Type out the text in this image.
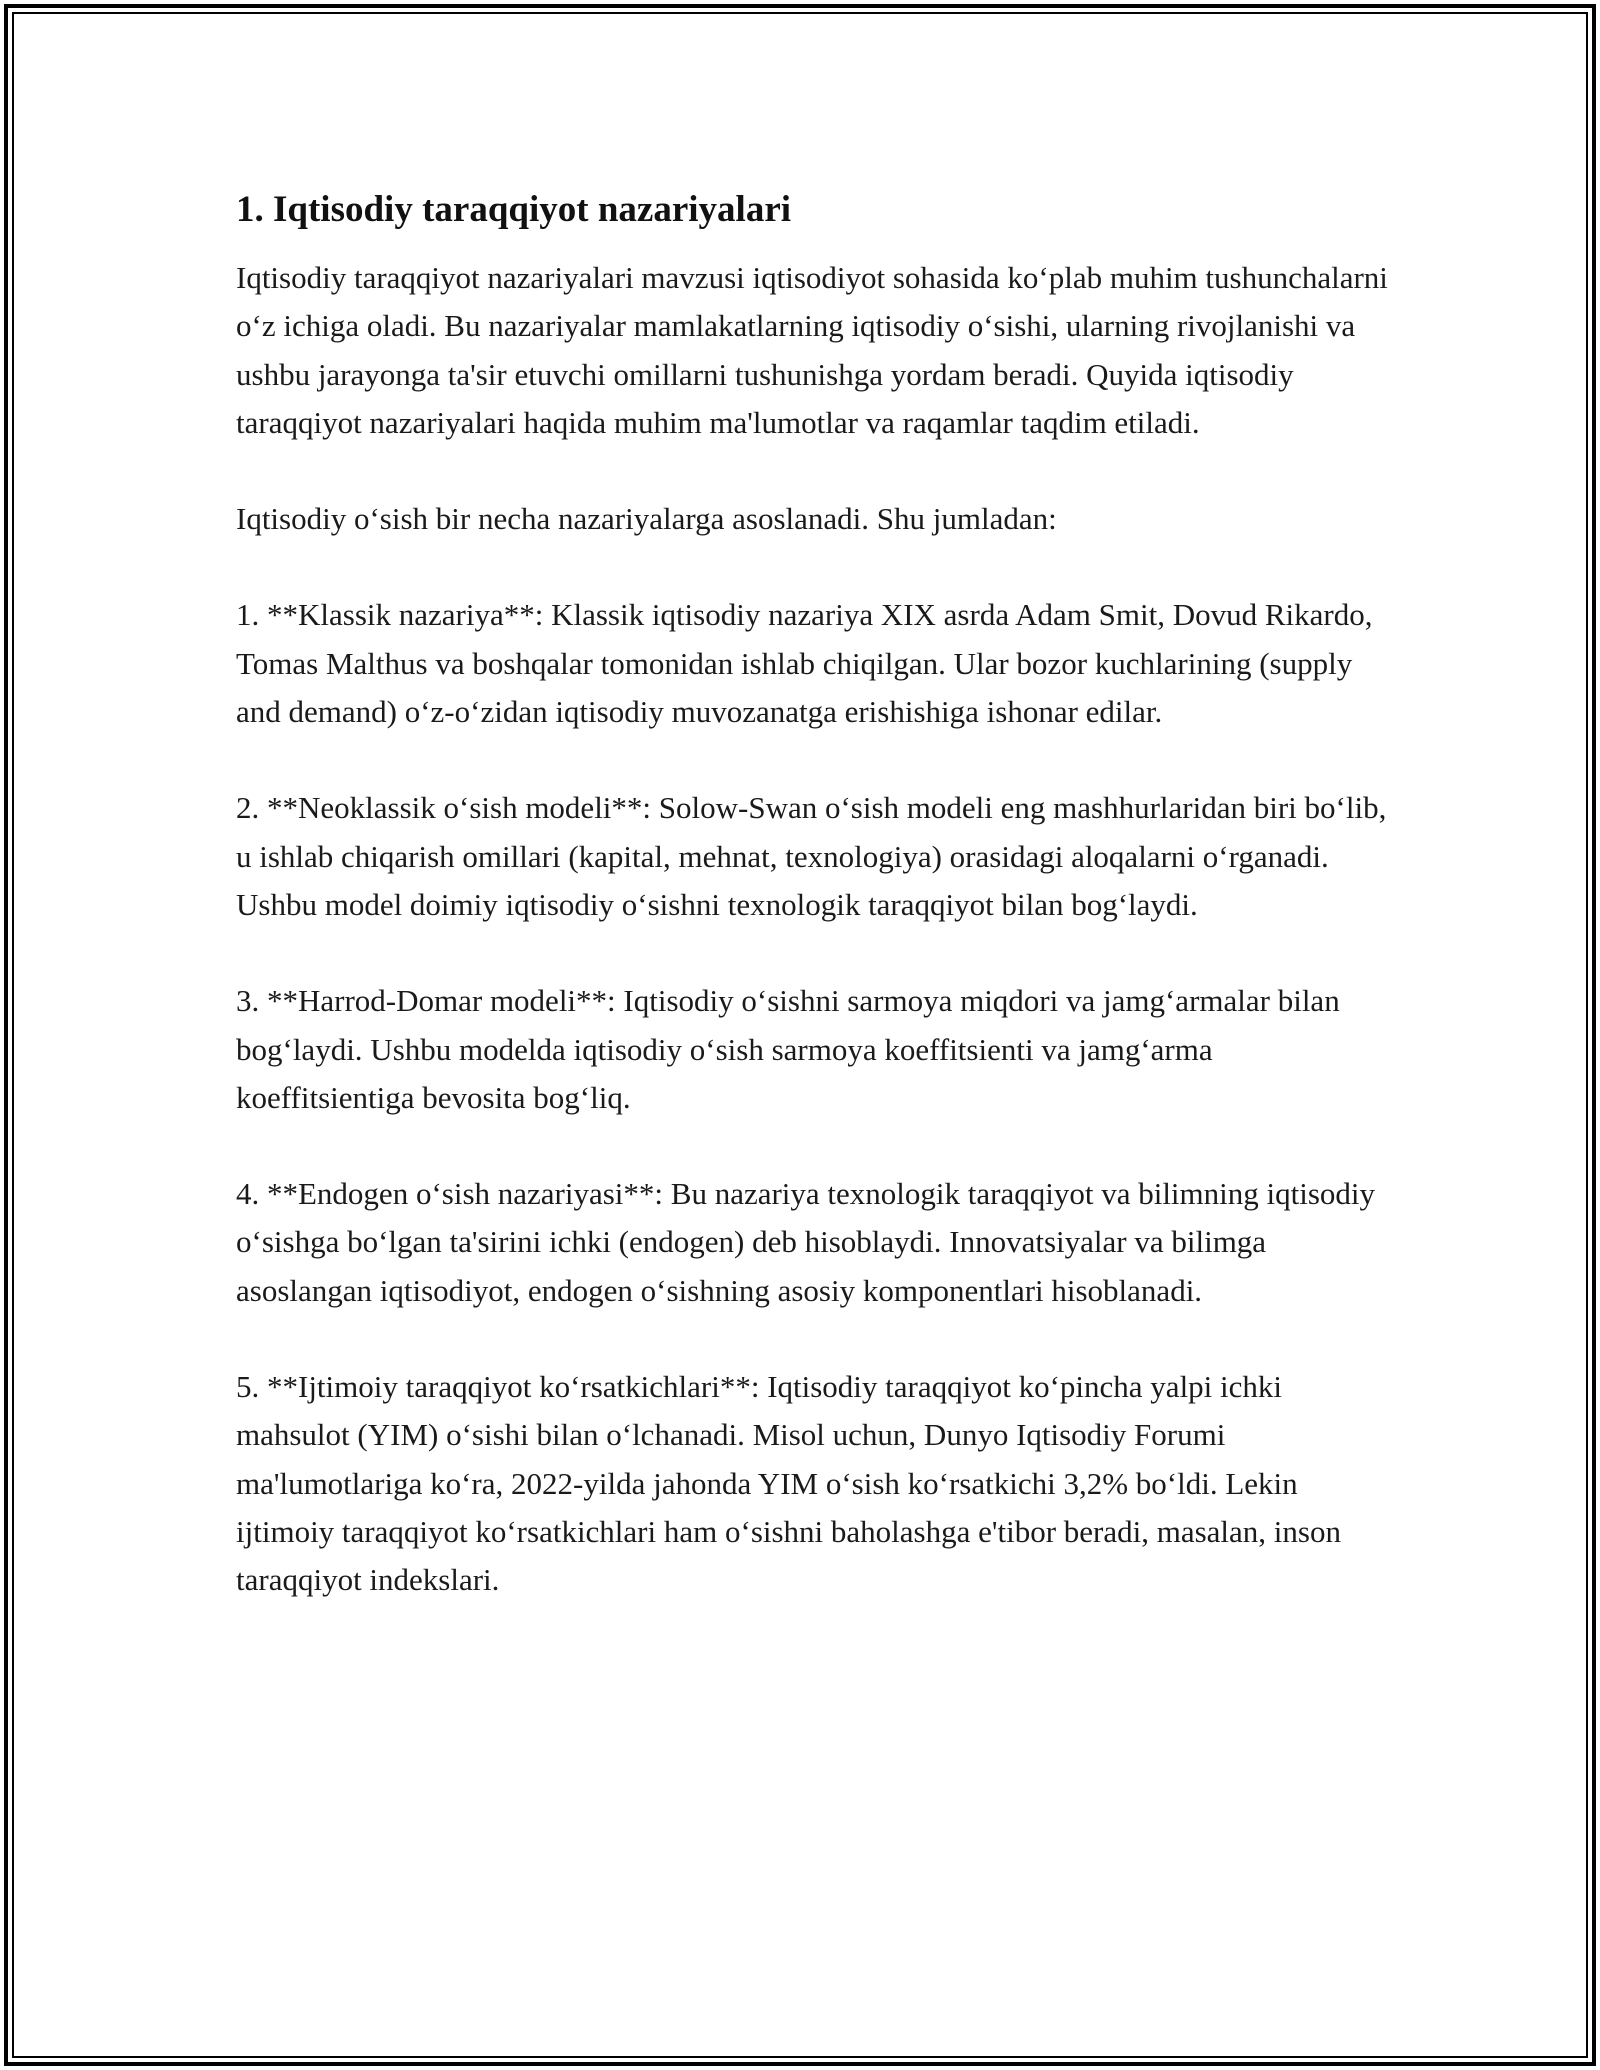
1. Iqtisodiy taraqqiyot nazariyalari

Iqtisodiy taraqqiyot nazariyalari mavzusi iqtisodiyot sohasida koʻplab muhim tushunchalarni oʻz ichiga oladi. Bu nazariyalar mamlakatlarning iqtisodiy oʻsishi, ularning rivojlanishi va ushbu jarayonga ta'sir etuvchi omillarni tushunishga yordam beradi. Quyida iqtisodiy taraqqiyot nazariyalari haqida muhim ma'lumotlar va raqamlar taqdim etiladi.

Iqtisodiy oʻsish bir necha nazariyalarga asoslanadi. Shu jumladan:

1. **Klassik nazariya**: Klassik iqtisodiy nazariya XIX asrda Adam Smit, Dovud Rikardo, Tomas Malthus va boshqalar tomonidan ishlab chiqilgan. Ular bozor kuchlarining (supply and demand) oʻz-oʻzidan iqtisodiy muvozanatga erishishiga ishonar edilar.

2. **Neoklassik oʻsish modeli**: Solow-Swan oʻsish modeli eng mashhurlaridan biri boʻlib, u ishlab chiqarish omillari (kapital, mehnat, texnologiya) orasidagi aloqalarni oʻrganadi. Ushbu model doimiy iqtisodiy oʻsishni texnologik taraqqiyot bilan bogʻlaydi.

3. **Harrod-Domar modeli**: Iqtisodiy oʻsishni sarmoya miqdori va jamgʻarmalar bilan bogʻlaydi. Ushbu modelda iqtisodiy oʻsish sarmoya koeffitsienti va jamgʻarma koeffitsientiga bevosita bogʻliq.

4. **Endogen oʻsish nazariyasi**: Bu nazariya texnologik taraqqiyot va bilimning iqtisodiy oʻsishga boʻlgan ta'sirini ichki (endogen) deb hisoblaydi. Innovatsiyalar va bilimga asoslangan iqtisodiyot, endogen oʻsishning asosiy komponentlari hisoblanadi.

5. **Ijtimoiy taraqqiyot koʻrsatkichlari**: Iqtisodiy taraqqiyot koʻpincha yalpi ichki mahsulot (YIM) oʻsishi bilan oʻlchanadi. Misol uchun, Dunyo Iqtisodiy Forumi ma'lumotlariga koʻra, 2022-yilda jahonda YIM oʻsish koʻrsatkichi 3,2% boʻldi. Lekin ijtimoiy taraqqiyot koʻrsatkichlari ham oʻsishni baholashga e'tibor beradi, masalan, inson taraqqiyot indekslari.
